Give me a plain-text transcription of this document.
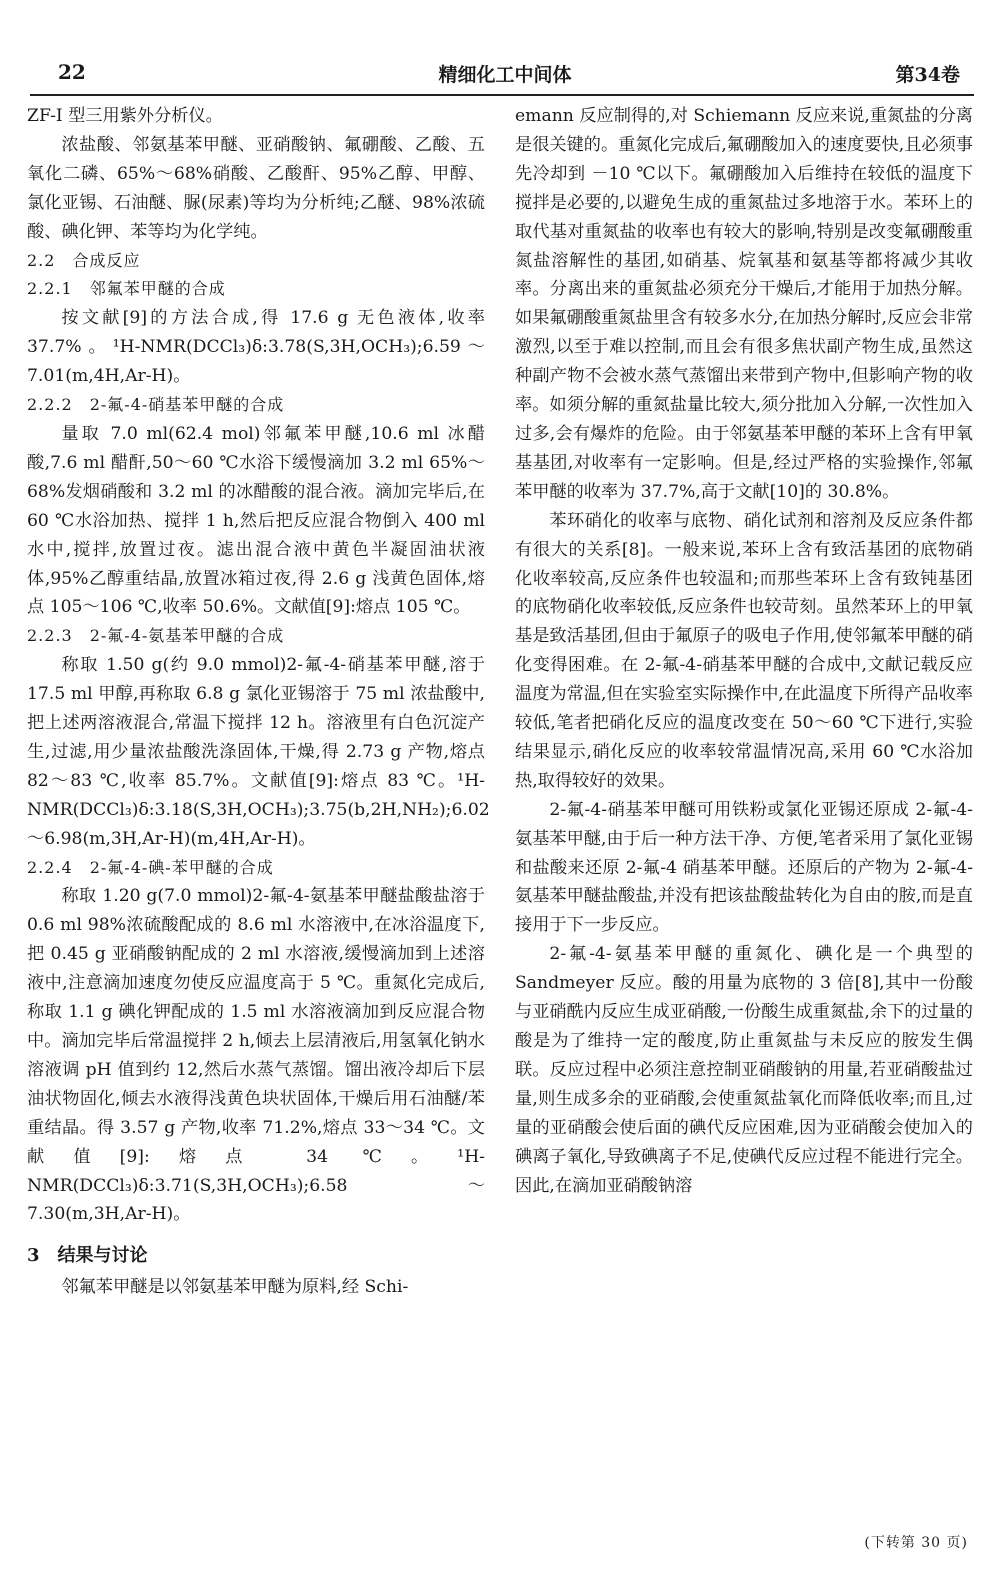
22	精细化工中间体	第34卷

ZF-I 型三用紫外分析仪。

浓盐酸、邻氨基苯甲醚、亚硝酸钠、氟硼酸、乙酸、五氧化二磷、65%～68%硝酸、乙酸酐、95%乙醇、甲醇、氯化亚锡、石油醚、脲(尿素)等均为分析纯;乙醚、98%浓硫酸、碘化钾、苯等均为化学纯。

2.2　合成反应
2.2.1　邻氟苯甲醚的合成

按文献[9]的方法合成,得 17.6 g 无色液体,收率 37.7%。¹H-NMR(DCCl₃)δ:3.78(S,3H,OCH₃);6.59～7.01(m,4H,Ar-H)。

2.2.2　2-氟-4-硝基苯甲醚的合成

量取 7.0 ml(62.4 mol)邻氟苯甲醚,10.6 ml 冰醋酸,7.6 ml 醋酐,50～60 ℃水浴下缓慢滴加 3.2 ml 65%～68%发烟硝酸和 3.2 ml 的冰醋酸的混合液。滴加完毕后,在 60 ℃水浴加热、搅拌 1 h,然后把反应混合物倒入 400 ml 水中,搅拌,放置过夜。滤出混合液中黄色半凝固油状液体,95%乙醇重结晶,放置冰箱过夜,得 2.6 g 浅黄色固体,熔点 105～106 ℃,收率 50.6%。文献值[9]:熔点 105 ℃。

2.2.3　2-氟-4-氨基苯甲醚的合成

称取 1.50 g(约 9.0 mmol)2-氟-4-硝基苯甲醚,溶于 17.5 ml 甲醇,再称取 6.8 g 氯化亚锡溶于 75 ml 浓盐酸中,把上述两溶液混合,常温下搅拌 12 h。溶液里有白色沉淀产生,过滤,用少量浓盐酸洗涤固体,干燥,得 2.73 g 产物,熔点 82～83 ℃,收率 85.7%。文献值[9]:熔点 83 ℃。¹H-NMR(DCCl₃)δ:3.18(S,3H,OCH₃);3.75(b,2H,NH₂);6.02～6.98(m,3H,Ar-H)(m,4H,Ar-H)。

2.2.4　2-氟-4-碘-苯甲醚的合成

称取 1.20 g(7.0 mmol)2-氟-4-氨基苯甲醚盐酸盐溶于 0.6 ml 98%浓硫酸配成的 8.6 ml 水溶液中,在冰浴温度下,把 0.45 g 亚硝酸钠配成的 2 ml 水溶液,缓慢滴加到上述溶液中,注意滴加速度勿使反应温度高于 5 ℃。重氮化完成后,称取 1.1 g 碘化钾配成的 1.5 ml 水溶液滴加到反应混合物中。滴加完毕后常温搅拌 2 h,倾去上层清液后,用氢氧化钠水溶液调 pH 值到约 12,然后水蒸气蒸馏。馏出液冷却后下层油状物固化,倾去水液得浅黄色块状固体,干燥后用石油醚/苯重结晶。得 3.57 g 产物,收率 71.2%,熔点 33～34 ℃。文献值[9]:熔点 34 ℃。¹H-NMR(DCCl₃)δ:3.71(S,3H,OCH₃);6.58～7.30(m,3H,Ar-H)。

3　结果与讨论

邻氟苯甲醚是以邻氨基苯甲醚为原料,经 Schi-

emann 反应制得的,对 Schiemann 反应来说,重氮盐的分离是很关键的。重氮化完成后,氟硼酸加入的速度要快,且必须事先冷却到 －10 ℃以下。氟硼酸加入后维持在较低的温度下搅拌是必要的,以避免生成的重氮盐过多地溶于水。苯环上的取代基对重氮盐的收率也有较大的影响,特别是改变氟硼酸重氮盐溶解性的基团,如硝基、烷氧基和氨基等都将减少其收率。分离出来的重氮盐必须充分干燥后,才能用于加热分解。如果氟硼酸重氮盐里含有较多水分,在加热分解时,反应会非常激烈,以至于难以控制,而且会有很多焦状副产物生成,虽然这种副产物不会被水蒸气蒸馏出来带到产物中,但影响产物的收率。如须分解的重氮盐量比较大,须分批加入分解,一次性加入过多,会有爆炸的危险。由于邻氨基苯甲醚的苯环上含有甲氧基基团,对收率有一定影响。但是,经过严格的实验操作,邻氟苯甲醚的收率为 37.7%,高于文献[10]的 30.8%。

苯环硝化的收率与底物、硝化试剂和溶剂及反应条件都有很大的关系[8]。一般来说,苯环上含有致活基团的底物硝化收率较高,反应条件也较温和;而那些苯环上含有致钝基团的底物硝化收率较低,反应条件也较苛刻。虽然苯环上的甲氧基是致活基团,但由于氟原子的吸电子作用,使邻氟苯甲醚的硝化变得困难。在 2-氟-4-硝基苯甲醚的合成中,文献记载反应温度为常温,但在实验室实际操作中,在此温度下所得产品收率较低,笔者把硝化反应的温度改变在 50～60 ℃下进行,实验结果显示,硝化反应的收率较常温情况高,采用 60 ℃水浴加热,取得较好的效果。

2-氟-4-硝基苯甲醚可用铁粉或氯化亚锡还原成 2-氟-4-氨基苯甲醚,由于后一种方法干净、方便,笔者采用了氯化亚锡和盐酸来还原 2-氟-4 硝基苯甲醚。还原后的产物为 2-氟-4-氨基苯甲醚盐酸盐,并没有把该盐酸盐转化为自由的胺,而是直接用于下一步反应。

2-氟-4-氨基苯甲醚的重氮化、碘化是一个典型的 Sandmeyer 反应。酸的用量为底物的 3 倍[8],其中一份酸与亚硝酰内反应生成亚硝酸,一份酸生成重氮盐,余下的过量的酸是为了维持一定的酸度,防止重氮盐与未反应的胺发生偶联。反应过程中必须注意控制亚硝酸钠的用量,若亚硝酸盐过量,则生成多余的亚硝酸,会使重氮盐氧化而降低收率;而且,过量的亚硝酸会使后面的碘代反应困难,因为亚硝酸会使加入的碘离子氧化,导致碘离子不足,使碘代反应过程不能进行完全。因此,在滴加亚硝酸钠溶

(下转第 30 页)
